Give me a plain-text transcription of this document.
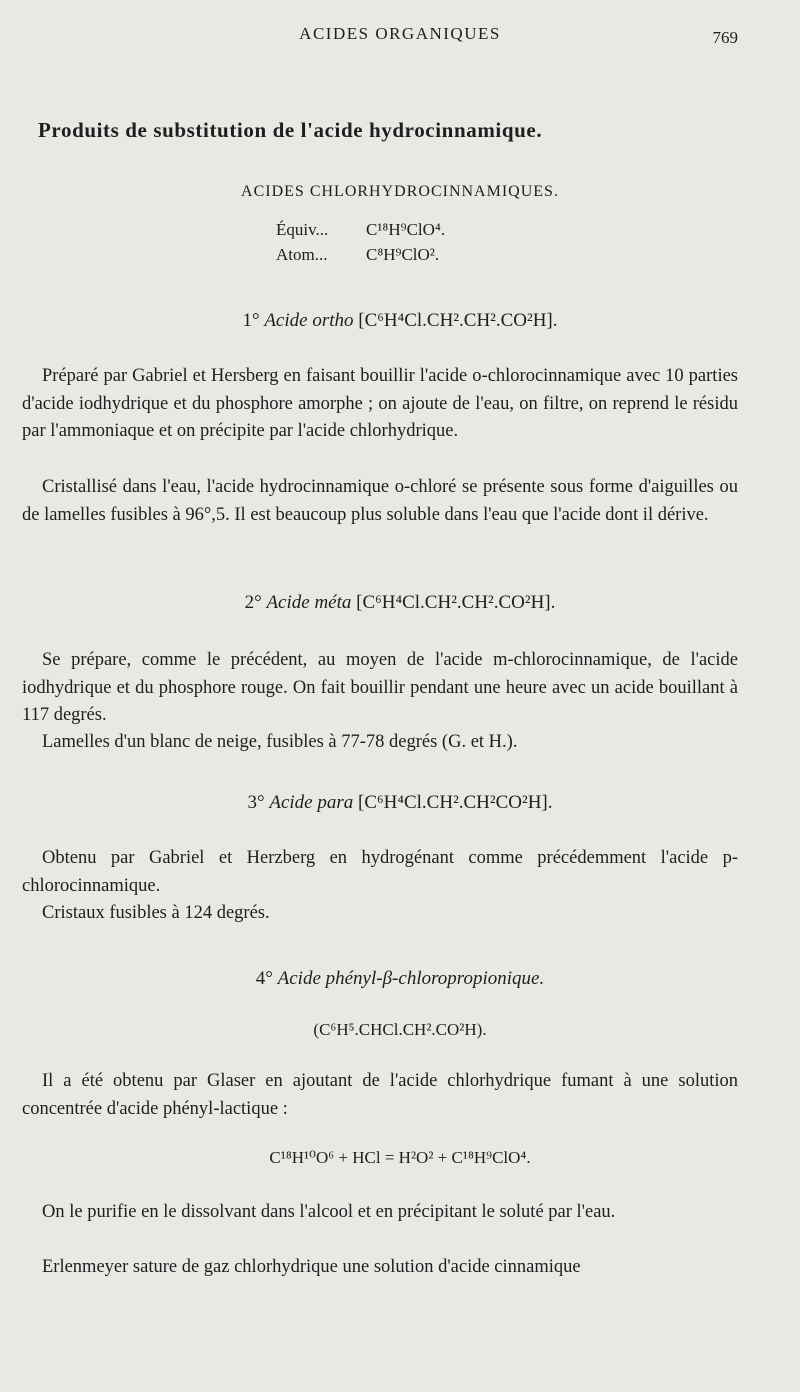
ACIDES ORGANIQUES	769
Produits de substitution de l'acide hydrocinnamique.
ACIDES CHLORHYDROCINNAMIQUES.
Équiv... C¹⁸H⁹ClO⁴.
Atom... C⁸H⁹ClO².
1° Acide ortho [C⁶H⁴Cl.CH².CH².CO²H].
Préparé par Gabriel et Hersberg en faisant bouillir l'acide o-chlorocinnamique avec 10 parties d'acide iodhydrique et du phosphore amorphe ; on ajoute de l'eau, on filtre, on reprend le résidu par l'ammoniaque et on précipite par l'acide chlorhydrique.
Cristallisé dans l'eau, l'acide hydrocinnamique o-chloré se présente sous forme d'aiguilles ou de lamelles fusibles à 96°,5. Il est beaucoup plus soluble dans l'eau que l'acide dont il dérive.
2° Acide méta [C⁶H⁴Cl.CH².CH².CO²H].
Se prépare, comme le précédent, au moyen de l'acide m-chlorocinnamique, de l'acide iodhydrique et du phosphore rouge. On fait bouillir pendant une heure avec un acide bouillant à 117 degrés.
Lamelles d'un blanc de neige, fusibles à 77-78 degrés (G. et H.).
3° Acide para [C⁶H⁴Cl.CH².CH²CO²H].
Obtenu par Gabriel et Herzberg en hydrogénant comme précédemment l'acide p-chlorocinnamique.
Cristaux fusibles à 124 degrés.
4° Acide phényl-β-chloropropionique.
(C⁶H⁵.CHCl.CH².CO²H).
Il a été obtenu par Glaser en ajoutant de l'acide chlorhydrique fumant à une solution concentrée d'acide phényl-lactique :
C¹⁸H¹⁰O⁶ + HCl = H²O² + C¹⁸H⁹ClO⁴.
On le purifie en le dissolvant dans l'alcool et en précipitant le soluté par l'eau.
Erlenmeyer sature de gaz chlorhydrique une solution d'acide cinnamique
